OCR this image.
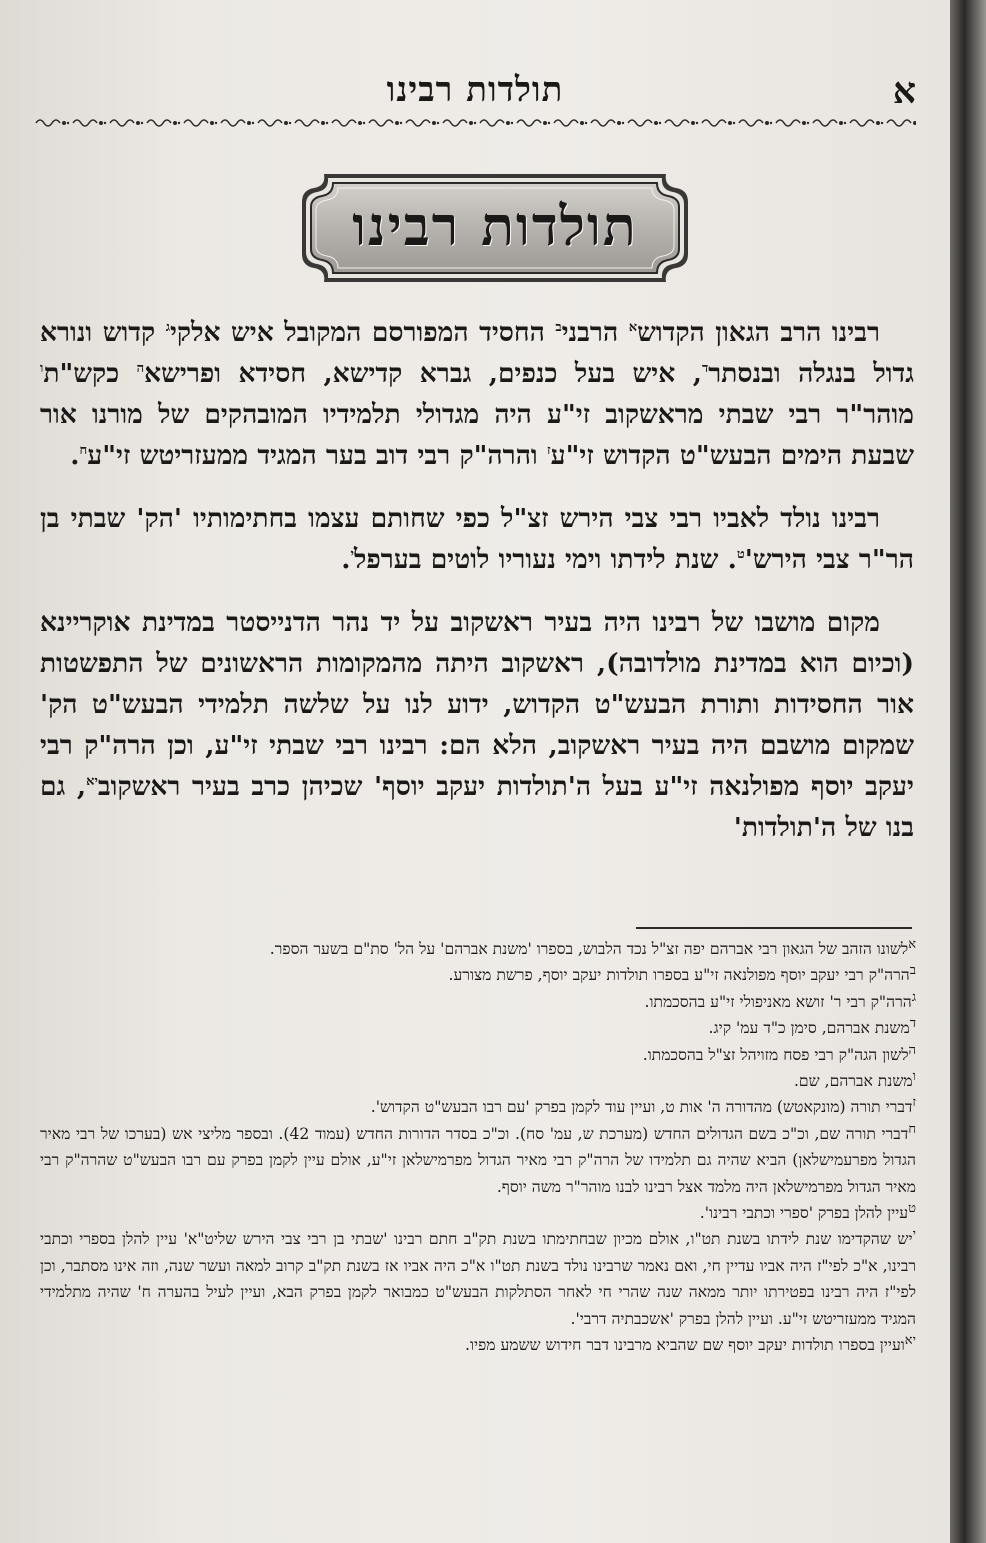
תולדות רבינו	א
תולדות רבינו

רבינו הרב הגאון הקדוש$^א$ הרבני$^ב$ החסיד המפורסם המקובל איש אלקי$^ג$ קדוש ונורא גדול בנגלה ובנסתר$^ד$, איש בעל כנפים, גברא קדישא, חסידא ופרישא$^ה$ כקש"ת$^ו$ מוהר"ר רבי שבתי מראשקוב זי"ע היה מגדולי תלמידיו המובהקים של מורנו אור שבעת הימים הבעש"ט הקדוש זי"ע$^ז$ והרה"ק רבי דוב בער המגיד ממעזריטש זי"ע$^ח$.

רבינו נולד לאביו רבי צבי הירש זצ"ל כפי שחותם עצמו בחתימותיו 'הק' שבתי בן הר"ר צבי $הירש'^ט$. שנת לידתו וימי נעוריו לוטים בערפל$^י$.

מקום מושבו של רבינו היה בעיר ראשקוב על יד נהר הדנייסטר במדינת אוקריינא (וכיום הוא במדינת מולדובה), ראשקוב היתה מהמקומות הראשונים של התפשטות אור החסידות ותורת הבעש"ט הקדוש, ידוע לנו על שלשה תלמידי הבעש"ט הק' שמקום מושבם היה בעיר ראשקוב, הלא הם: רבינו רבי שבתי זי"ע, וכן הרה"ק רבי יעקב יוסף מפולנאה זי"ע בעל ה'תולדות יעקב יוסף' שכיהן כרב בעיר ראשקוב$^{יא}$, גם בנו של ה'תולדות'

$^א$לשונו הזהב של הגאון רבי אברהם יפה זצ"ל נכד הלבוש, בספרו 'משנת אברהם' על הל' סת"ם בשער הספר.

$^ב$הרה"ק רבי יעקב יוסף מפולנאה זי"ע בספרו תולדות יעקב יוסף, פרשת מצורע.

$^ג$הרה"ק רבי ר' זושא מאניפולי זי"ע בהסכמתו.

$^ד$משנת אברהם, סימן כ"ד עמ' קיג.

$^ה$לשון הגה"ק רבי פסח מזויהל זצ"ל בהסכמתו.

$^ו$משנת אברהם, שם.

$^ז$דברי תורה (מונקאטש) מהדורה ה' אות ט, ועיין עוד לקמן בפרק 'עם רבו הבעש"ט הקדוש'.

$^ח$דברי תורה שם, וכ"כ בשם הגדולים החדש (מערכת ש, עמ' סח). וכ"כ בסדר הדורות החדש (עמוד 42). ובספר מליצי אש (בערכו של רבי מאיר הגדול מפרעמישלאן) הביא שהיה גם תלמידו של הרה"ק רבי מאיר הגדול מפרמישלאן זי"ע, אולם עיין לקמן בפרק עם רבו הבעש"ט שהרה"ק רבי מאיר הגדול מפרמישלאן היה מלמד אצל רבינו לבנו מוהר"ר משה יוסף.

$^ט$עיין להלן בפרק 'ספרי וכתבי רבינו'.

$^י$יש שהקדימו שנת לידתו בשנת תט"ו, אולם מכיון שבחתימתו בשנת תק"ב חתם רבינו 'שבתי בן רבי צבי הירש שליט"א' עיין להלן בספרי וכתבי רבינו, א"כ לפי"ז היה אביו עדיין חי, ואם נאמר שרבינו נולד בשנת תט"ו א"כ היה אביו אז בשנת תק"ב קרוב למאה ועשר שנה, וזה אינו מסתבר, וכן לפי"ז היה רבינו בפטירתו יותר ממאה שנה שהרי חי לאחר הסתלקות הבעש"ט כמבואר לקמן בפרק הבא, ועיין לעיל בהערה ח' שהיה מתלמידי המגיד ממעזריטש זי"ע. ועיין להלן בפרק 'אשכבתיה דרבי'.

$^{יא}$ועיין בספרו תולדות יעקב יוסף שם שהביא מרבינו דבר חידוש ששמע מפיו.
